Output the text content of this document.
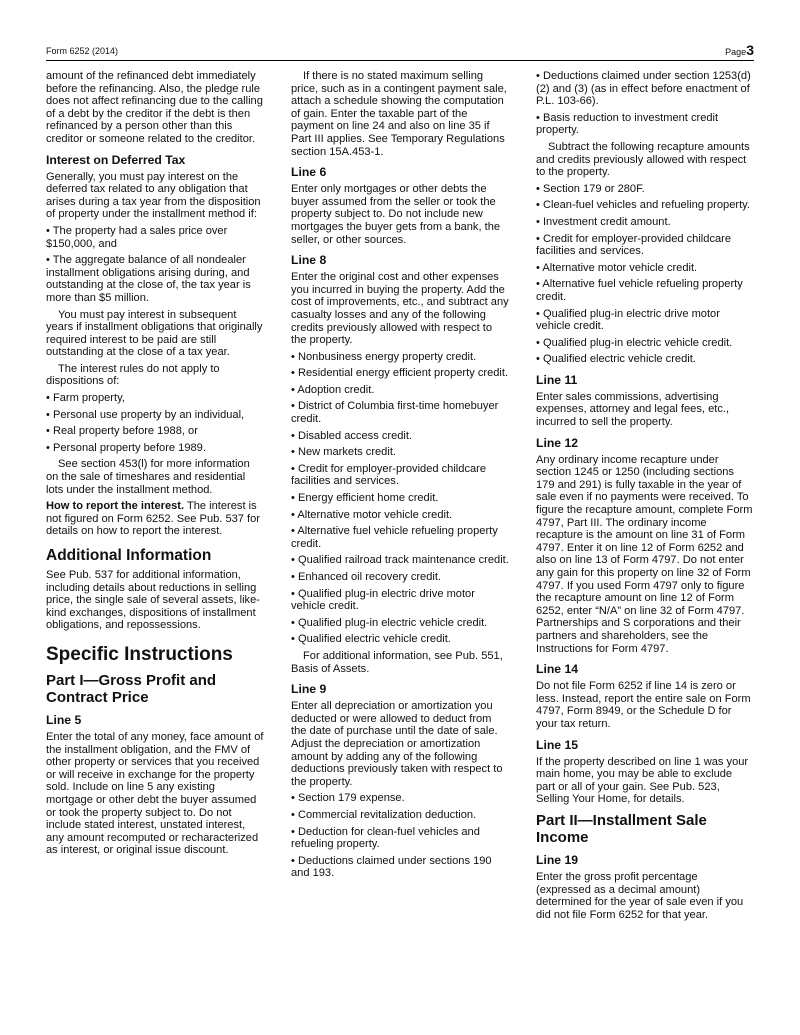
Form 6252 (2014)	Page3

amount of the refinanced debt immediately before the refinancing. Also, the pledge rule does not affect refinancing due to the calling of a debt by the creditor if the debt is then refinanced by a person other than this creditor or someone related to the creditor.

Interest on Deferred Tax

Generally, you must pay interest on the deferred tax related to any obligation that arises during a tax year from the disposition of property under the installment method if:

• The property had a sales price over $150,000, and

• The aggregate balance of all nondealer installment obligations arising during, and outstanding at the close of, the tax year is more than $5 million.

You must pay interest in subsequent years if installment obligations that originally required interest to be paid are still outstanding at the close of a tax year.

The interest rules do not apply to dispositions of:

• Farm property,

• Personal use property by an individual,

• Real property before 1988, or

• Personal property before 1989.

See section 453(l) for more information on the sale of timeshares and residential lots under the installment method.

How to report the interest. The interest is not figured on Form 6252. See Pub. 537 for details on how to report the interest.

Additional Information

See Pub. 537 for additional information, including details about reductions in selling price, the single sale of several assets, like-kind exchanges, dispositions of installment obligations, and repossessions.

Specific Instructions
Part I—Gross Profit and Contract Price
Line 5

Enter the total of any money, face amount of the installment obligation, and the FMV of other property or services that you received or will receive in exchange for the property sold. Include on line 5 any existing mortgage or other debt the buyer assumed or took the property subject to. Do not include stated interest, unstated interest, any amount recomputed or recharacterized as interest, or original issue discount.

If there is no stated maximum selling price, such as in a contingent payment sale, attach a schedule showing the computation of gain. Enter the taxable part of the payment on line 24 and also on line 35 if Part III applies. See Temporary Regulations section 15A.453-1.

Line 6

Enter only mortgages or other debts the buyer assumed from the seller or took the property subject to. Do not include new mortgages the buyer gets from a bank, the seller, or other sources.

Line 8

Enter the original cost and other expenses you incurred in buying the property. Add the cost of improvements, etc., and subtract any casualty losses and any of the following credits previously allowed with respect to the property.

• Nonbusiness energy property credit.

• Residential energy efficient property credit.

• Adoption credit.

• District of Columbia first-time homebuyer credit.

• Disabled access credit.

• New markets credit.

• Credit for employer-provided childcare facilities and services.

• Energy efficient home credit.

• Alternative motor vehicle credit.

• Alternative fuel vehicle refueling property credit.

• Qualified railroad track maintenance credit.

• Enhanced oil recovery credit.

• Qualified plug-in electric drive motor vehicle credit.

• Qualified plug-in electric vehicle credit.

• Qualified electric vehicle credit.

For additional information, see Pub. 551, Basis of Assets.

Line 9

Enter all depreciation or amortization you deducted or were allowed to deduct from the date of purchase until the date of sale. Adjust the depreciation or amortization amount by adding any of the following deductions previously taken with respect to the property.

• Section 179 expense.

• Commercial revitalization deduction.

• Deduction for clean-fuel vehicles and refueling property.

• Deductions claimed under sections 190 and 193.

• Deductions claimed under section 1253(d)(2) and (3) (as in effect before enactment of P.L. 103-66).

• Basis reduction to investment credit property.

Subtract the following recapture amounts and credits previously allowed with respect to the property.

• Section 179 or 280F.

• Clean-fuel vehicles and refueling property.

• Investment credit amount.

• Credit for employer-provided childcare facilities and services.

• Alternative motor vehicle credit.

• Alternative fuel vehicle refueling property credit.

• Qualified plug-in electric drive motor vehicle credit.

• Qualified plug-in electric vehicle credit.

• Qualified electric vehicle credit.

Line 11

Enter sales commissions, advertising expenses, attorney and legal fees, etc., incurred to sell the property.

Line 12

Any ordinary income recapture under section 1245 or 1250 (including sections 179 and 291) is fully taxable in the year of sale even if no payments were received. To figure the recapture amount, complete Form 4797, Part III. The ordinary income recapture is the amount on line 31 of Form 4797. Enter it on line 12 of Form 6252 and also on line 13 of Form 4797. Do not enter any gain for this property on line 32 of Form 4797. If you used Form 4797 only to figure the recapture amount on line 12 of Form 6252, enter “N/A” on line 32 of Form 4797. Partnerships and S corporations and their partners and shareholders, see the Instructions for Form 4797.

Line 14

Do not file Form 6252 if line 14 is zero or less. Instead, report the entire sale on Form 4797, Form 8949, or the Schedule D for your tax return.

Line 15

If the property described on line 1 was your main home, you may be able to exclude part or all of your gain. See Pub. 523, Selling Your Home, for details.

Part II—Installment Sale Income
Line 19

Enter the gross profit percentage (expressed as a decimal amount) determined for the year of sale even if you did not file Form 6252 for that year.
